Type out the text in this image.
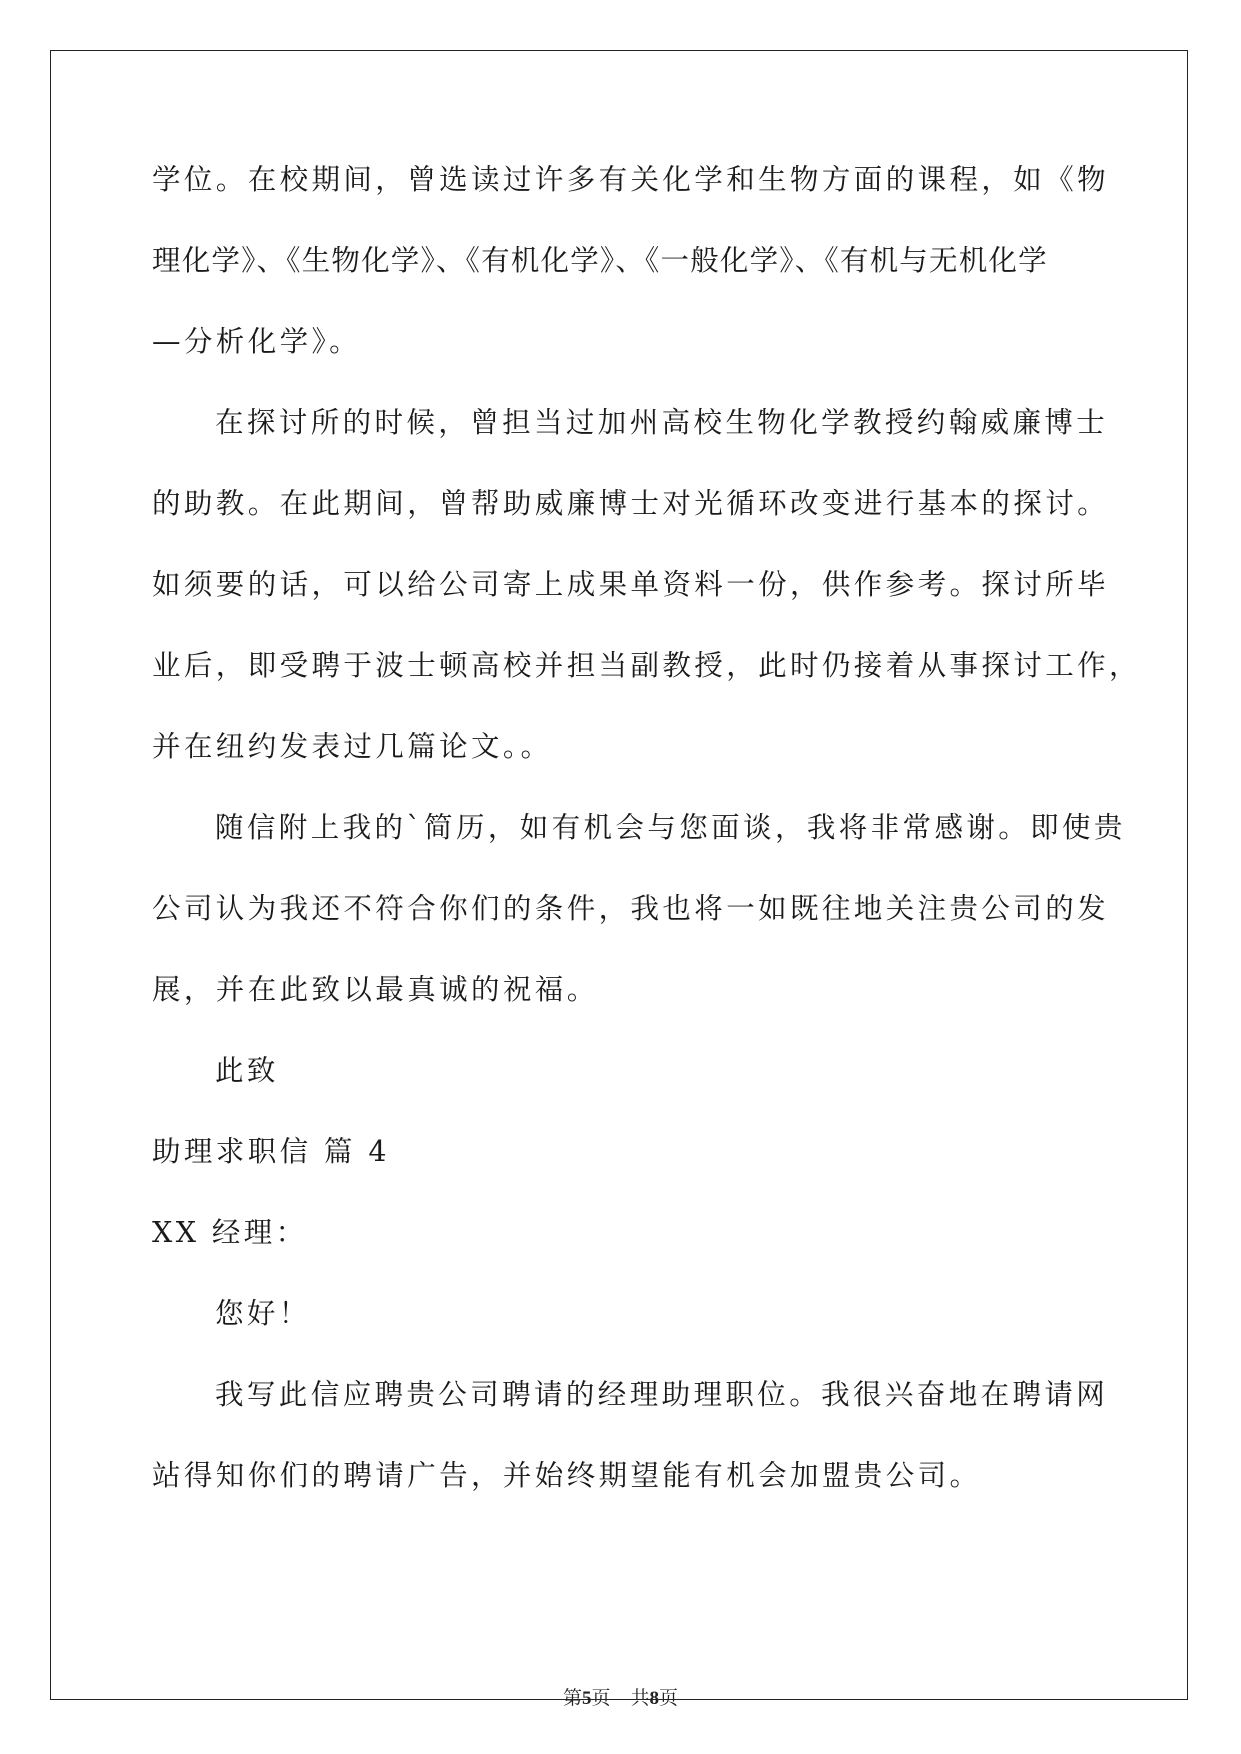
学位。在校期间，曾选读过许多有关化学和生物方面的课程，如《物

理化学》、《生物化学》、《有机化学》、《一般化学》、《有机与无机化学

—分析化学》。

在探讨所的时候，曾担当过加州高校生物化学教授约翰威廉博士

的助教。在此期间，曾帮助威廉博士对光循环改变进行基本的探讨。

如须要的话，可以给公司寄上成果单资料一份，供作参考。探讨所毕

业后，即受聘于波士顿高校并担当副教授，此时仍接着从事探讨工作，

并在纽约发表过几篇论文。。

随信附上我的`简历，如有机会与您面谈，我将非常感谢。即使贵

公司认为我还不符合你们的条件，我也将一如既往地关注贵公司的发

展，并在此致以最真诚的祝福。

此致

助理求职信 篇 4

XX 经理：

您好！

我写此信应聘贵公司聘请的经理助理职位。我很兴奋地在聘请网

站得知你们的聘请广告，并始终期望能有机会加盟贵公司。

第5页 共8页
